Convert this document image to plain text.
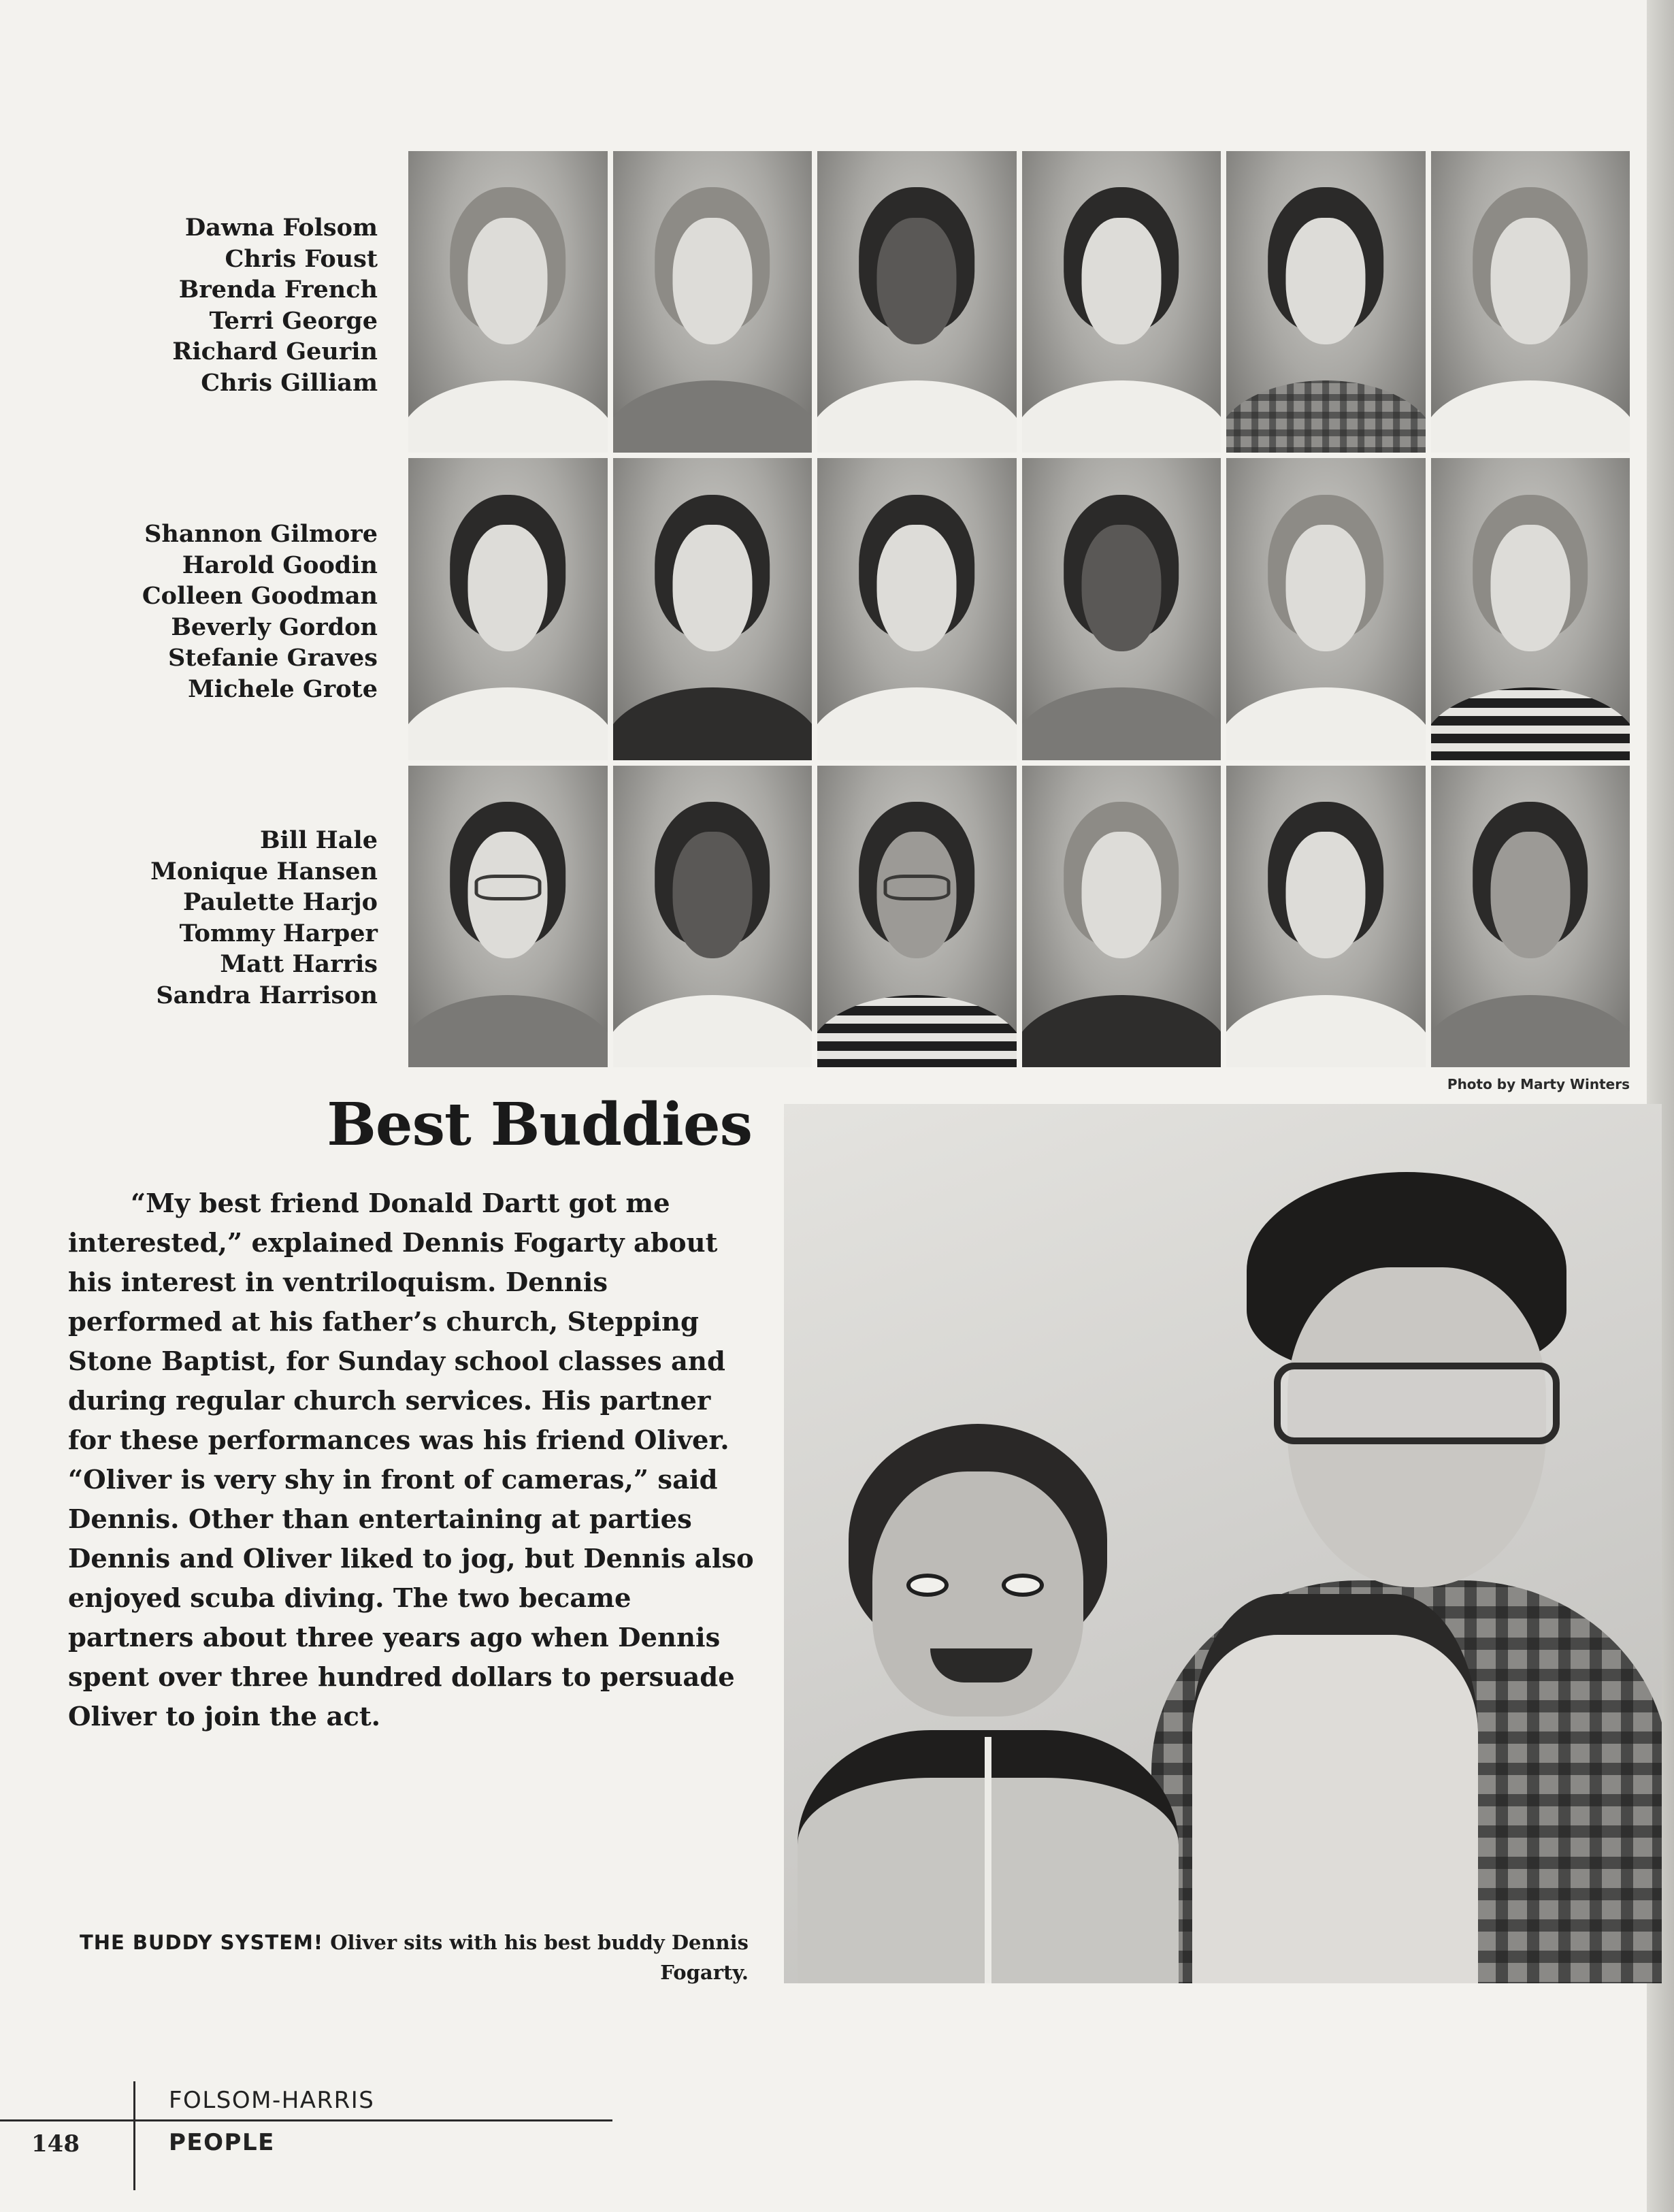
Dawna Folsom
Chris Foust
Brenda French
Terri George
Richard Geurin
Chris Gilliam
Shannon Gilmore
Harold Goodin
Colleen Goodman
Beverly Gordon
Stefanie Graves
Michele Grote
Bill Hale
Monique Hansen
Paulette Harjo
Tommy Harper
Matt Harris
Sandra Harrison
Photo by Marty Winters
Best Buddies

“My best friend Donald Dartt got me interested,” explained Dennis Fogarty about his interest in ventriloquism. Dennis performed at his father’s church, Stepping Stone Baptist, for Sunday school classes and during regular church services. His partner for these performances was his friend Oliver. “Oliver is very shy in front of cameras,” said Dennis. Other than entertaining at parties Dennis and Oliver liked to jog, but Dennis also enjoyed scuba diving. The two became partners about three years ago when Dennis spent over three hundred dollars to persuade Oliver to join the act.

THE BUDDY SYSTEM! Oliver sits with his best buddy Dennis Fogarty.
148
FOLSOM-HARRIS
PEOPLE
